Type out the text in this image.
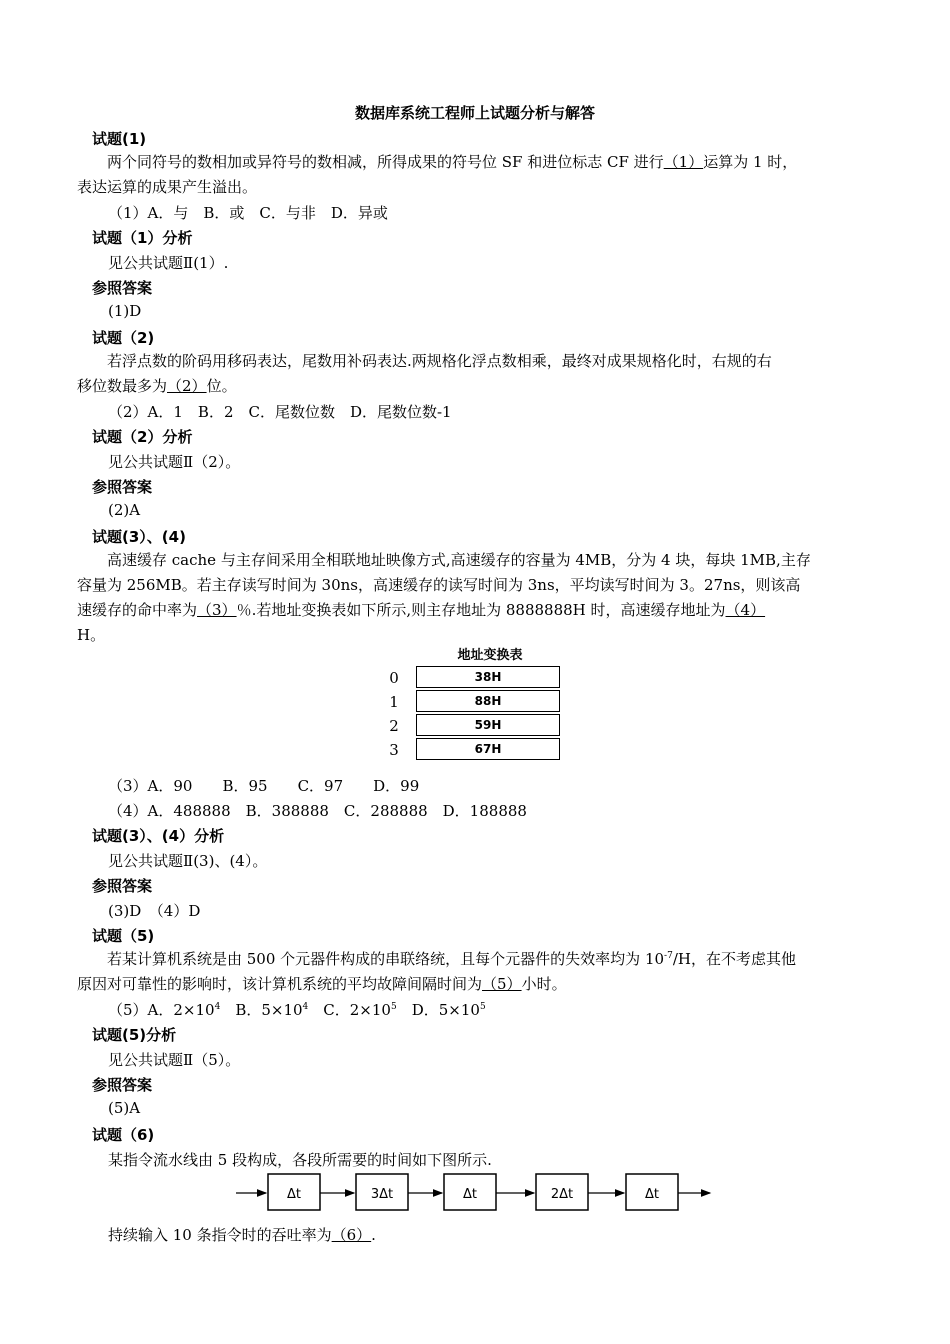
数据库系统工程师上试题分析与解答
试题(1)
两个同符号的数相加或异符号的数相减，所得成果的符号位 SF 和进位标志 CF 进行（1）运算为 1 时，
表达运算的成果产生溢出。
（1）A．与　B．或　C．与非　D．异或
试题（1）分析
见公共试题Ⅱ(1）.
参照答案
(1)D
试题（2)
若浮点数的阶码用移码表达，尾数用补码表达.两规格化浮点数相乘，最终对成果规格化时，右规的右
移位数最多为（2）位。
（2）A．1　B．2　C．尾数位数　D．尾数位数-1
试题（2）分析
见公共试题Ⅱ（2）。
参照答案
(2)A
试题(3）、(4)
高速缓存 cache 与主存间采用全相联地址映像方式,高速缓存的容量为 4MB，分为 4 块，每块 1MB,主存
容量为 256MB。若主存读写时间为 30ns，高速缓存的读写时间为 3ns，平均读写时间为 3。27ns，则该高
速缓存的命中率为（3）％.若地址变换表如下所示,则主存地址为 8888888H 时，高速缓存地址为（4）
H。
地址变换表
0	38H
1	88H
2	59H
3	67H
（3）A．90　　B．95　　C．97　　D．99
（4）A．488888　B．388888　C．288888　D．188888
试题(3）、(4）分析
见公共试题Ⅱ(3)、(4）。
参照答案
(3)D　（4）D
试题（5)
若某计算机系统是由 500 个元器件构成的串联络统，且每个元器件的失效率均为 $10^{-7}/H$，在不考虑其他
原因对可靠性的影响时，该计算机系统的平均故障间隔时间为（5）小时。
（5）A．$2\times 10^4$　B．$5\times 10^4$　C．$2\times 10^5$　D．$5\times 10^5$
试题(5)分析
见公共试题Ⅱ（5）。
参照答案
(5)A
试题（6)
某指令流水线由 5 段构成，各段所需要的时间如下图所示.
Δt	3Δt	Δt	2Δt	Δt
持续输入 10 条指令时的吞吐率为（6）.
